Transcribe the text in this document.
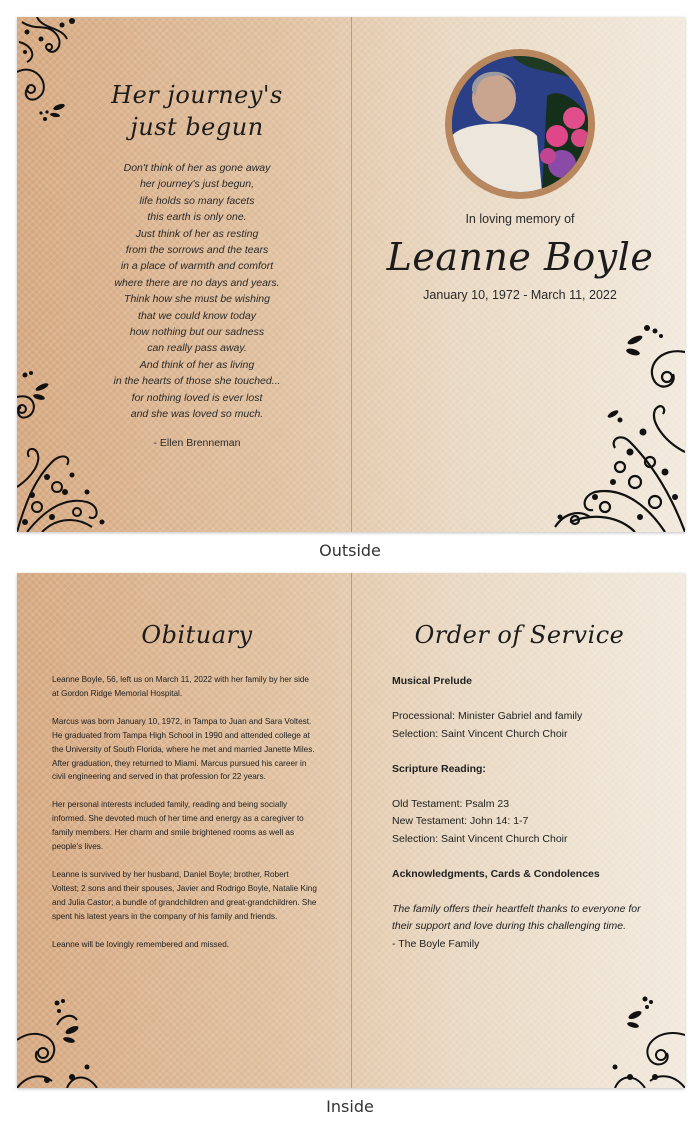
Her journey's
just begun
Don't think of her as gone away
her journey's just begun,
life holds so many facets
this earth is only one.
Just think of her as resting
from the sorrows and the tears
in a place of warmth and comfort
where there are no days and years.
Think how she must be wishing
that we could know today
how nothing but our sadness
can really pass away.
And think of her as living
in the hearts of those she touched...
for nothing loved is ever lost
and she was loved so much.
- Ellen Brenneman
In loving memory of
Leanne Boyle
January 10, 1972 - March 11, 2022
Outside
Obituary

Leanne Boyle, 56, left us on March 11, 2022 with her family by her side at Gordon Ridge Memorial Hospital.

Marcus was born January 10, 1972, in Tampa to Juan and Sara Voltest. He graduated from Tampa High School in 1990 and attended college at the University of South Florida, where he met and married Janette Miles. After graduation, they returned to Miami. Marcus pursued his career in civil engineering and served in that profession for 22 years.

Her personal interests included family, reading and being socially informed. She devoted much of her time and energy as a caregiver to family members. Her charm and smile brightened rooms as well as people's lives.

Leanne is survived by her husband, Daniel Boyle; brother, Robert Voltest; 2 sons and their spouses, Javier and Rodrigo Boyle, Natalie King and Julia Castor; a bundle of grandchildren and great-grandchildren. She spent his latest years in the company of his family and friends.

Leanne will be lovingly remembered and missed.

Order of Service
Musical Prelude
Processional: Minister Gabriel and family
Selection: Saint Vincent Church Choir
Scripture Reading:
Old Testament: Psalm 23
New Testament: John 14: 1-7
Selection: Saint Vincent Church Choir
Acknowledgments, Cards & Condolences
The family offers their heartfelt thanks to everyone for
their support and love during this challenging time.
- The Boyle Family
Inside
